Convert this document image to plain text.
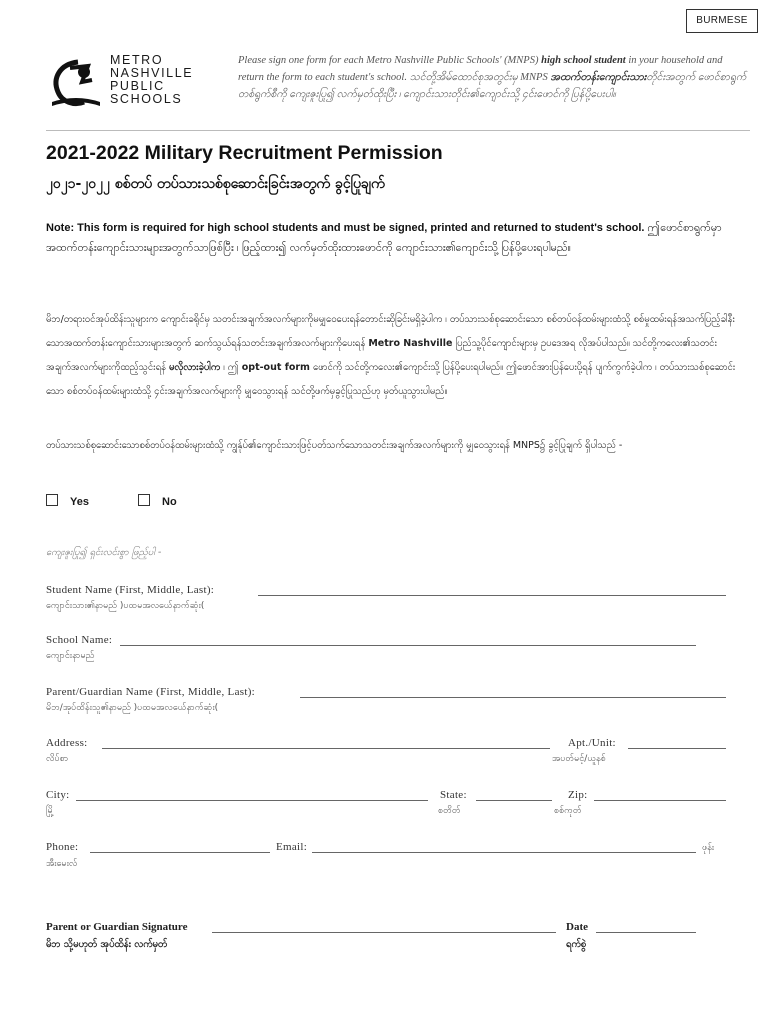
BURMESE
METRO
NASHVILLE
PUBLIC
SCHOOLS
Please sign one form for each Metro Nashville Public Schools' (MNPS) high school student in your household and return the form to each student's school. သင်တို့အိမ်ထောင်စုအတွင်းမှ MNPS အထက်တန်းကျောင်းသားတိုင်းအတွက် ဖောင်စာရွက်တစ်ရွက်စီကို ကျေးဇူးပြု၍ လက်မှတ်ထိုးပြီး ၊ ကျောင်းသားတိုင်း၏ကျောင်းသို့ ၄င်းဖောင်ကို ပြန်ပို့ပေးပါ။
2021-2022 Military Recruitment Permission
၂၀၂၁-၂၀၂၂ စစ်တပ် တပ်သားသစ်စုဆောင်းခြင်းအတွက် ခွင့်ပြုချက်
Note: This form is required for high school students and must be signed, printed and returned to student's school. ဤဖောင်စာရွက်မှာ အထက်တန်းကျောင်းသားများအတွက်သာဖြစ်ပြီး ၊ ဖြည့်ထား၍ လက်မှတ်ထိုးထားဖောင်ကို ကျောင်းသား၏ကျောင်းသို့ ပြန်ပို့ပေးရပါမည်။
မိဘ/တရားဝင်အုပ်ထိန်းသူများက ကျောင်းခရိုင်မှ သတင်းအချက်အလက်များကိုမမျှဝေပေးရန်တောင်းဆိုခြင်းမရှိခဲ့ပါက ၊ တပ်သားသစ်စုဆောင်းသော စစ်တပ်ဝန်ထမ်းများထံသို့ စစ်မှုထမ်းရန်အသက်ပြည့်ခါနီးသောအထက်တန်းကျောင်းသားများအတွက် ဆက်သွယ်ရန်သတင်းအချက်အလက်များကိုပေးရန် Metro Nashville ပြည်သူ့ပိုင်ကျောင်းများမှ ဥပဒေအရ လိုအပ်ပါသည်။ သင်တို့ကလေး၏သတင်းအချက်အလက်များကိုထည့်သွင်းရန် မလိုလားခဲ့ပါက ၊ ဤ opt-out form ဖောင်ကို သင်တို့ကလေး၏ကျောင်းသို့ ပြန်ပို့ပေးရပါမည်။ ဤဖောင်အားပြန်ပေးပို့ရန် ပျက်ကွက်ခဲ့ပါက ၊ တပ်သားသစ်စုဆောင်းသော စစ်တပ်ဝန်ထမ်းများထံသို့ ၄င်းအချက်အလက်များကို မျှဝေသွားရန် သင်တို့ဖက်မှခွင့်ပြုသည်ဟု မှတ်ယူသွားပါမည်။
တပ်သားသစ်စုဆောင်းသောစစ်တပ်ဝန်ထမ်းများထံသို့ ကျွန်ုပ်၏ကျောင်းသားဖြင့်ပတ်သက်သောသတင်းအချက်အလက်များကို မျှဝေသွားရန် MNPS၌ ခွင့်ပြုချက် ရှိပါသည် -
Yes	No
ကျေးဇူးပြု၍ ရှင်းလင်းစွာ ဖြည့်ပါ -
Student Name (First, Middle, Last):
ကျောင်းသား၏နာမည် )ပထမအလယ်ေနာက်ဆုံး(
School Name:
ကျောင်းနာမည်
Parent/Guardian Name (First, Middle, Last):
မိဘ/အုပ်ထိန်းသူ၏နာမည် )ပထမအလယ်ေနာက်ဆုံး(
Address:
လိပ်စာ
Apt./Unit:
အပတ်မင့်/ယူနစ်
City:
မြို့
State:
စတိတ်
Zip:
စစ်ကုတ်
Phone:
အီးမေးလ်
Email:	ဖုန်း
Parent or Guardian Signature
မိဘ သို့မဟုတ် အုပ်ထိန်း လက်မှတ်
Date
ရက်စွဲ
